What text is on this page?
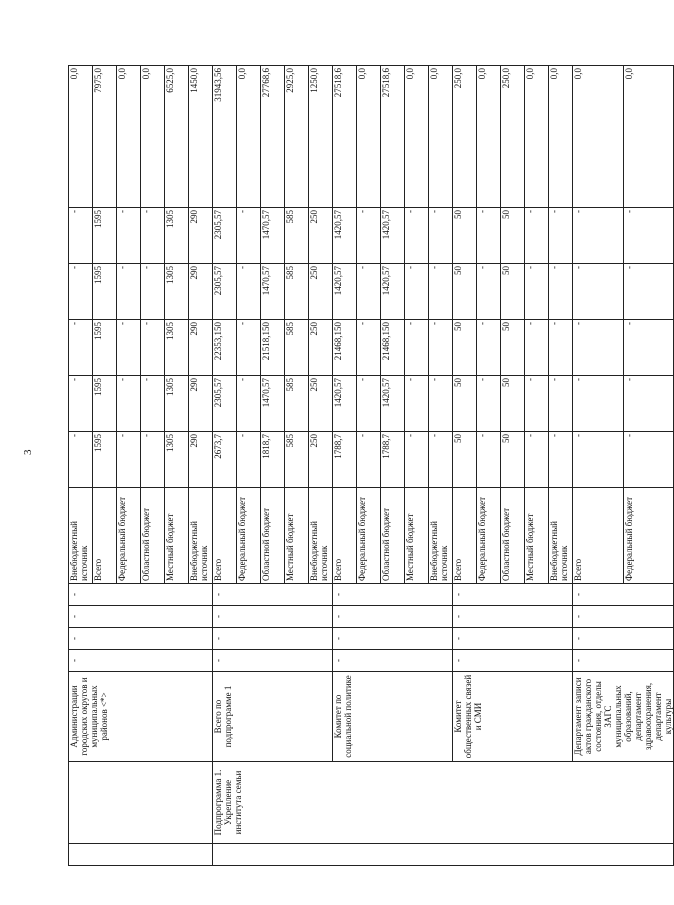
3
		Администрации городских округов и муниципальных районов <*>	-	-	-	-	Внебюджетный источник	-	-	-	-	-	0,0
							Всего	1595	1595	1595	1595	1595	7975,0
							Федеральный бюджет	-	-	-	-	-	0,0
							Областной бюджет	-	-	-	-	-	0,0
							Местный бюджет	1305	1305	1305	1305	1305	6525,0
							Внебюджетный источник	290	290	290	290	290	1450,0
	Подпрограмма 1. Укрепление института семьи	Всего по подпрограмме 1	-	-	-	-	Всего	2673,7	2305,57	22353,150	2305,57	2305,57	31943,56
							Федеральный бюджет	-	-	-	-	-	0,0
							Областной бюджет	1818,7	1470,57	21518,150	1470,57	1470,57	27768,6
							Местный бюджет	585	585	585	585	585	2925,0
							Внебюджетный источник	250	250	250	250	250	1250,0
		Комитет по социальной политике	-	-	-	-	Всего	1788,7	1420,57	21468,150	1420,57	1420,57	27518,6
							Федеральный бюджет	-	-	-	-	-	0,0
							Областной бюджет	1788,7	1420,57	21468,150	1420,57	1420,57	27518,6
							Местный бюджет	-	-	-	-	-	0,0
							Внебюджетный источник	-	-	-	-	-	0,0
		Комитет общественных связей и СМИ	-	-	-	-	Всего	50	50	50	50	50	250,0
							Федеральный бюджет	-	-	-	-	-	0,0
							Областной бюджет	50	50	50	50	50	250,0
							Местный бюджет	-	-	-	-	-	0,0
							Внебюджетный источник	-	-	-	-	-	0,0
		Департамент записи актов гражданского состояния, отделы ЗАГС муниципальных образований, департамент здравоохранения, департамент культуры	-	-	-	-	Всего	-	-	-	-	-	0,0
							Федеральный бюджет	-	-	-	-	-	0,0
